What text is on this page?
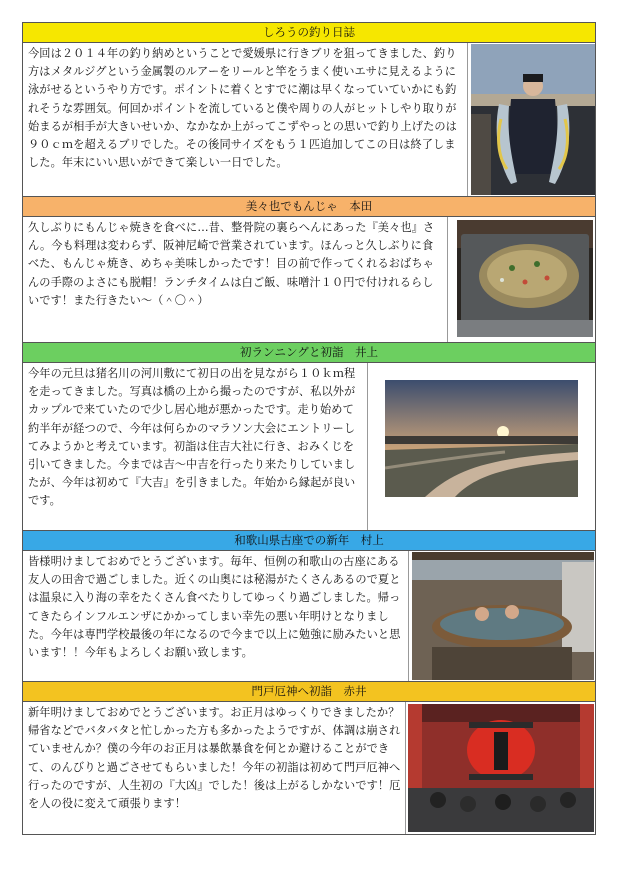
しろうの釣り日誌
今回は２０１４年の釣り納めということで愛媛県に行きブリを狙ってきました、釣り方はメタルジグという金属製のルアーをリールと竿をうまく使いエサに見えるように泳がせるというやり方です。ポイントに着くとすでに潮は早くなっていていかにも釣れそうな雰囲気。何回かポイントを流していると僕や周りの人がヒットしやり取りが始まるが相手が大きいせいか、なかなか上がってこずやっとの思いで釣り上げたのは９０ｃｍを超えるブリでした。その後同サイズをもう１匹追加してこの日は終了しました。年末にいい思いができて楽しい一日でした。
美々也でもんじゃ　本田
久しぶりにもんじゃ焼きを食べに…昔、整骨院の裏らへんにあった『美々也』さん。今も料理は変わらず、阪神尼崎で営業されています。ほんっと久しぶりに食べた、もんじゃ焼き、めちゃ美味しかったです！目の前で作ってくれるおばちゃんの手際のよさにも脱帽！ランチタイムは白ご飯、味噌汁１０円で付けれるらしいです！また行きたい～（＾〇＾）
初ランニングと初詣　井上
今年の元旦は猪名川の河川敷にて初日の出を見ながら１０ｋｍ程を走ってきました。写真は橋の上から撮ったのですが、私以外がカップルで来ていたので少し居心地が悪かったです。走り始めて約半年が経つので、今年は何らかのマラソン大会にエントリーしてみようかと考えています。初詣は住吉大社に行き、おみくじを引いてきました。今までは吉～中吉を行ったり来たりしていましたが、今年は初めて『大吉』を引きました。年始から縁起が良いです。
和歌山県古座での新年　村上
皆様明けましておめでとうございます。毎年、恒例の和歌山の古座にある友人の田舎で過ごしました。近くの山奥には秘湯がたくさんあるので夏とは温泉に入り海の幸をたくさん食べたりしてゆっくり過ごしました。帰ってきたらインフルエンザにかかってしまい幸先の悪い年明けとなりました。今年は専門学校最後の年になるので今まで以上に勉強に励みたいと思います！！今年もよろしくお願い致します。
門戸厄神へ初詣　赤井
新年明けましておめでとうございます。お正月はゆっくりできましたか？帰省などでバタバタと忙しかった方も多かったようですが、体調は崩されていませんか？僕の今年のお正月は暴飲暴食を何とか避けることができて、のんびりと過ごさせてもらいました！今年の初詣は初めて門戸厄神へ行ったのですが、人生初の『大凶』でした！後は上がるしかないです！厄を人の役に変えて頑張ります！
